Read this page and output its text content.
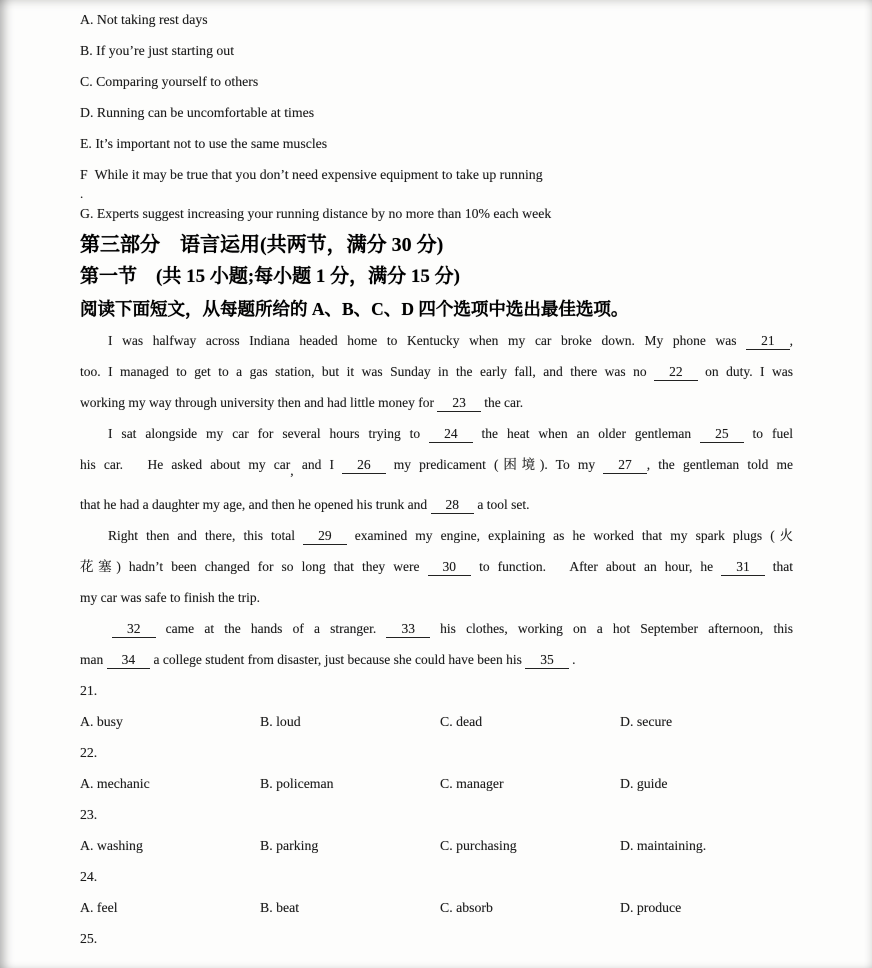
A. Not taking rest days
B. If you’re just starting out
C. Comparing yourself to others
D. Running can be uncomfortable at times
E. It’s important not to use the same muscles
F  While it may be true that you don’t need expensive equipment to take up running
.
G. Experts suggest increasing your running distance by no more than 10% each week
第三部分　语言运用(共两节，满分 30 分)
第一节　(共 15 小题;每小题 1 分，满分 15 分)
阅读下面短文，从每题所给的 A、B、C、D 四个选项中选出最佳选项。
I was halfway across Indiana headed home to Kentucky when my car broke down. My phone was 21 ,
too. I managed to get to a gas station, but it was Sunday in the early fall, and there was no 22 on duty. I was
working my way through university then and had little money for 23 the car.
I sat alongside my car for several hours trying to 24 the heat when an older gentleman 25 to fuel
his car.   He asked about my car, and I 26 my predicament (困境). To my 27 , the gentleman told me
that he had a daughter my age, and then he opened his trunk and 28 a tool set.
Right then and there, this total 29 examined my engine, explaining as he worked that my spark plugs (火
花塞) hadn’t been changed for so long that they were 30 to function.   After about an hour, he 31 that
my car was safe to finish the trip.
32 came at the hands of a stranger. 33 his clothes, working on a hot September afternoon, this
man 34 a college student from disaster, just because she could have been his 35 .
21.
A. busy	B. loud	C. dead	D. secure
22.
A. mechanic	B. policeman	C. manager	D. guide
23.
A. washing	B. parking	C. purchasing	D. maintaining.
24.
A. feel	B. beat	C. absorb	D. produce
25.
